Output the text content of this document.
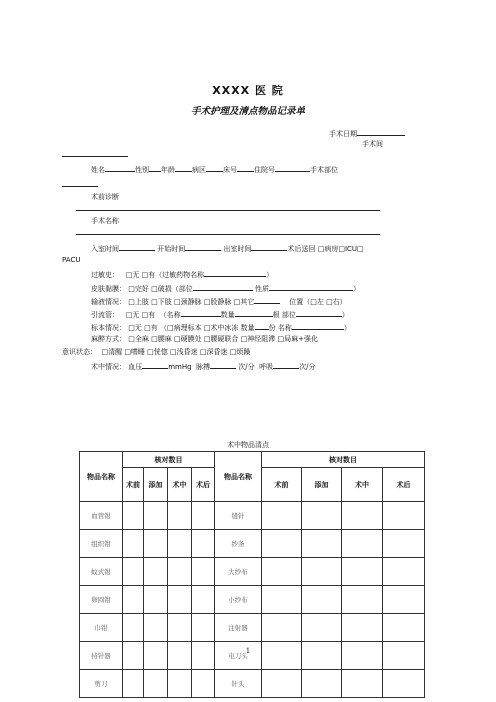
XXXX 医 院
手术护理及清点物品记录单
手术日期
手术间
姓名	性别 年龄 病区 床号 住院号	手术部位
术前诊断
手术名称
入室时间	开始时间	出室时间	术后送回 □ 病房 □ ICU□
PACU
过敏史： □ 无 □ 有（过敏药物名称	）
皮肤黏膜： □ 完好 □ 破损（部位	性质	）
输液情况： □ 上肢 □ 下肢 □ 颈静脉 □ 股静脉 □ 其它	位置（ □ 左 □ 右）
引流管： □ 无 □ 有 （名称	数量	根 部位	）
标本情况： □ 无 □ 有 （ □ 病理标本 □ 术中冰冻 数量 份 名称	）
麻醉方式： □ 全麻 □ 腰麻 □ 硬膜处 □ 腰硬联合 □ 神经阻滞 □ 局麻+强化
意识状态： □ 清醒 □ 嗜睡 □ 恍惚 □ 浅昏迷 □ 深昏迷 □ 烦躁
术中情况： 血压	mmHg 脉搏	次/分 呼吸	次/分
术中物品清点
物品名称	核对数目				物品名称	核对数目			
	术前	添加	术中	术后		术前	添加	术中	术后
血管钳					缝针				
组织钳					纱条				
蚊式钳					大纱布				
卵圆钳					小纱布				
巾钳					注射器				
持针器					电刀头				
剪刀					针头				
1
